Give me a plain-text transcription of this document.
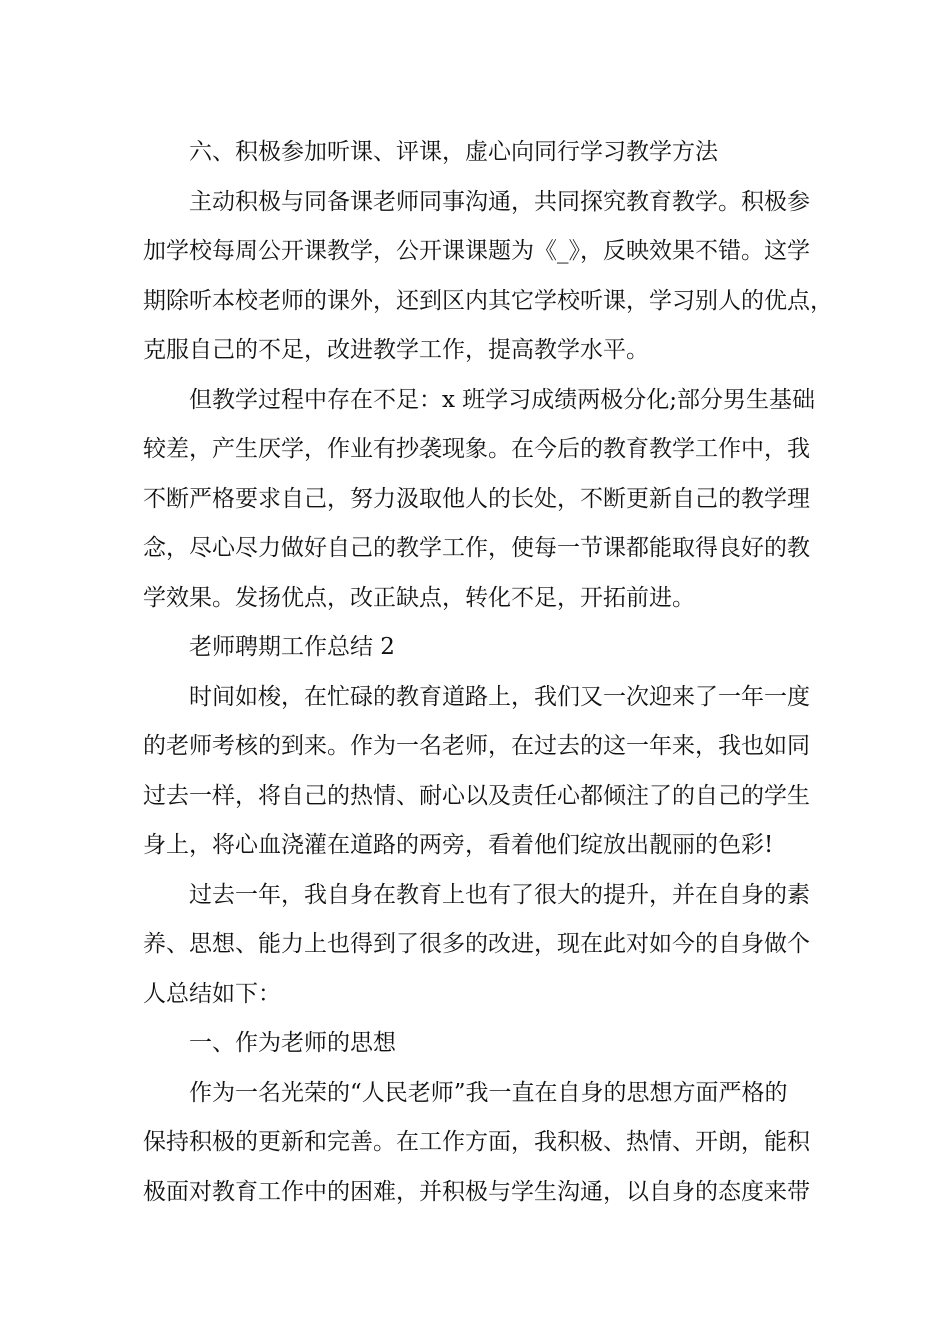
六、积极参加听课、评课，虚心向同行学习教学方法
主动积极与同备课老师同事沟通，共同探究教育教学。积极参
加学校每周公开课教学，公开课课题为《_》，反映效果不错。这学
期除听本校老师的课外，还到区内其它学校听课，学习别人的优点，
克服自己的不足，改进教学工作，提高教学水平。
但教学过程中存在不足：x 班学习成绩两极分化;部分男生基础
较差，产生厌学，作业有抄袭现象。在今后的教育教学工作中，我
不断严格要求自己，努力汲取他人的长处，不断更新自己的教学理
念，尽心尽力做好自己的教学工作，使每一节课都能取得良好的教
学效果。发扬优点，改正缺点，转化不足，开拓前进。
老师聘期工作总结 2
时间如梭，在忙碌的教育道路上，我们又一次迎来了一年一度
的老师考核的到来。作为一名老师，在过去的这一年来，我也如同
过去一样，将自己的热情、耐心以及责任心都倾注了的自己的学生
身上，将心血浇灌在道路的两旁，看着他们绽放出靓丽的色彩!
过去一年，我自身在教育上也有了很大的提升，并在自身的素
养、思想、能力上也得到了很多的改进，现在此对如今的自身做个
人总结如下：
一、作为老师的思想
作为一名光荣的“人民老师”我一直在自身的思想方面严格的
保持积极的更新和完善。在工作方面，我积极、热情、开朗，能积
极面对教育工作中的困难，并积极与学生沟通，以自身的态度来带
